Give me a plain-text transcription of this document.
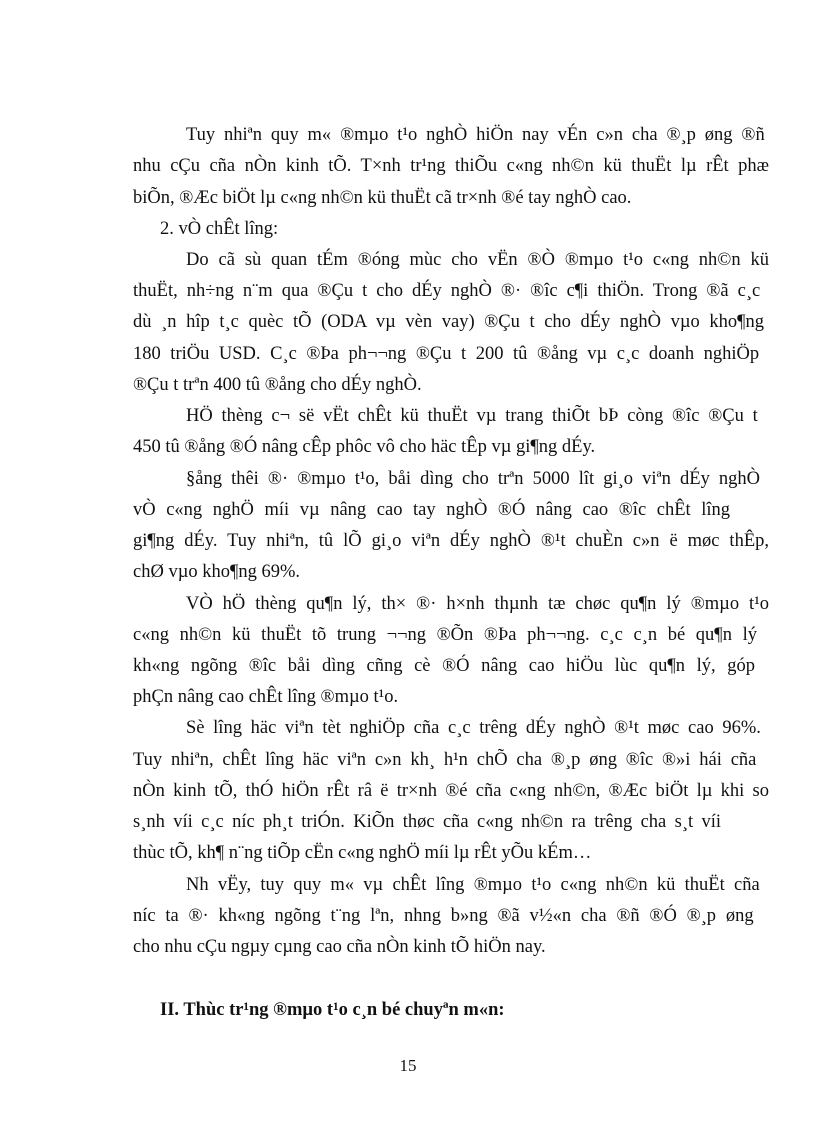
Tuy nhiªn quy m« ®mµo t¹o nghÒ hiÖn nay vÉn c»n cha ®¸p øng ®ñ
nhu cÇu cña nÒn kinh tÕ. T×nh tr¹ng thiÕu c«ng nh©n kü thuËt lµ rÊt phæ
biÕn, ®Æc biÖt lµ c«ng nh©n kü thuËt cã tr×nh ®é tay nghÒ cao.
2. vÒ chÊt lîng:
Do cã sù quan tÉm ®óng mùc cho vËn ®Ò ®mµo t¹o c«ng nh©n kü
thuËt, nh÷ng n¨m qua ®Çu t cho dÉy nghÒ ®· ®îc c¶i thiÖn. Trong ®ã c¸c
dù ¸n hîp t¸c quèc tÕ (ODA vµ vèn vay) ®Çu t cho dÉy nghÒ vµo kho¶ng
180 triÖu USD. C¸c ®Þa ph¬¬ng ®Çu t 200 tû ®ång vµ c¸c doanh nghiÖp
®Çu t trªn 400 tû ®ång cho dÉy nghÒ.
HÖ thèng c¬ së vËt chÊt kü thuËt vµ trang thiÕt bÞ còng ®îc ®Çu t
450 tû ®ång ®Ó nâng cÊp phôc vô cho häc tÊp vµ gi¶ng dÉy.
§ång thêi ®· ®mµo t¹o, båi dìng cho trªn 5000 lît gi¸o viªn dÉy nghÒ
vÒ c«ng nghÖ míi vµ nâng cao tay nghÒ ®Ó nâng cao ®îc chÊt lîng
gi¶ng dÉy. Tuy nhiªn, tû lÕ gi¸o viªn dÉy nghÒ ®¹t chuÈn c»n ë møc thÊp,
chØ vµo kho¶ng 69%.
VÒ hÖ thèng qu¶n lý, th× ®· h×nh thµnh tæ chøc qu¶n lý ®mµo t¹o
c«ng nh©n kü thuËt tõ trung ¬¬ng ®Õn ®Þa ph¬¬ng. c¸c c¸n bé qu¶n lý
kh«ng ngõng ®îc båi dìng cñng cè ®Ó nâng cao hiÖu lùc qu¶n lý, góp
phÇn nâng cao chÊt lîng ®mµo t¹o.
Sè lîng häc viªn tèt nghiÖp cña c¸c trêng dÉy nghÒ ®¹t møc cao 96%.
Tuy nhiªn, chÊt lîng häc viªn c»n kh¸ h¹n chÕ cha ®¸p øng ®îc ®»i hái cña
nÒn kinh tÕ, thÓ hiÖn rÊt râ ë tr×nh ®é cña c«ng nh©n, ®Æc biÖt lµ khi so
s¸nh víi c¸c níc ph¸t triÓn. KiÕn thøc cña c«ng nh©n ra trêng cha s¸t víi
thùc tÕ, kh¶ n¨ng tiÕp cËn c«ng nghÖ míi lµ rÊt yÕu kÉm…
Nh vËy, tuy quy m« vµ chÊt lîng ®mµo t¹o c«ng nh©n kü thuËt cña
níc ta ®· kh«ng ngõng t¨ng lªn, nhng b»ng ®ã v½«n cha ®ñ ®Ó ®¸p øng
cho nhu cÇu ngµy cµng cao cña nÒn kinh tÕ hiÖn nay.
II. Thùc tr¹ng ®mµo t¹o c¸n bé chuyªn m«n:
15
